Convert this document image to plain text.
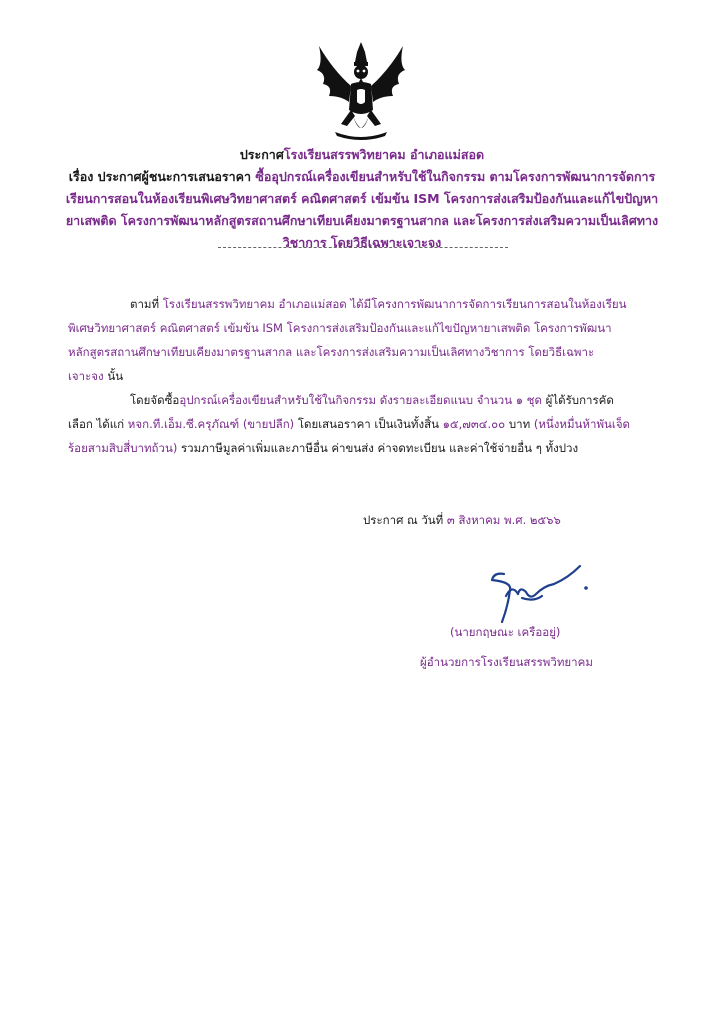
ประกาศโรงเรียนสรรพวิทยาคม อำเภอแม่สอด
เรื่อง ประกาศผู้ชนะการเสนอราคา ซื้ออุปกรณ์เครื่องเขียนสำหรับใช้ในกิจกรรม ตามโครงการพัฒนาการจัดการ
เรียนการสอนในห้องเรียนพิเศษวิทยาศาสตร์ คณิตศาสตร์ เข้มข้น ISM โครงการส่งเสริมป้องกันและแก้ไขปัญหา
ยาเสพติด โครงการพัฒนาหลักสูตรสถานศึกษาเทียบเคียงมาตรฐานสากล และโครงการส่งเสริมความเป็นเลิศทาง
วิชาการ โดยวิธีเฉพาะเจาะจง
ตามที่ โรงเรียนสรรพวิทยาคม อำเภอแม่สอด ได้มีโครงการพัฒนาการจัดการเรียนการสอนในห้องเรียน
พิเศษวิทยาศาสตร์ คณิตศาสตร์ เข้มข้น ISM โครงการส่งเสริมป้องกันและแก้ไขปัญหายาเสพติด โครงการพัฒนา
หลักสูตรสถานศึกษาเทียบเคียงมาตรฐานสากล และโครงการส่งเสริมความเป็นเลิศทางวิชาการ โดยวิธีเฉพาะ
เจาะจง นั้น
โดยจัดซื้ออุปกรณ์เครื่องเขียนสำหรับใช้ในกิจกรรม ดังรายละเอียดแนบ จำนวน ๑ ชุด ผู้ได้รับการคัด
เลือก ได้แก่ หจก.ที.เอ็ม.ซี.ครุภัณฑ์ (ขายปลีก) โดยเสนอราคา เป็นเงินทั้งสิ้น ๑๕,๗๓๔.๐๐ บาท (หนึ่งหมื่นห้าพันเจ็ด
ร้อยสามสิบสี่บาทถ้วน) รวมภาษีมูลค่าเพิ่มและภาษีอื่น ค่าขนส่ง ค่าจดทะเบียน และค่าใช้จ่ายอื่น ๆ ทั้งปวง
ประกาศ ณ วันที่ ๓ สิงหาคม พ.ศ. ๒๕๖๖
(นายกฤษณะ เครืออยู่)
ผู้อำนวยการโรงเรียนสรรพวิทยาคม
